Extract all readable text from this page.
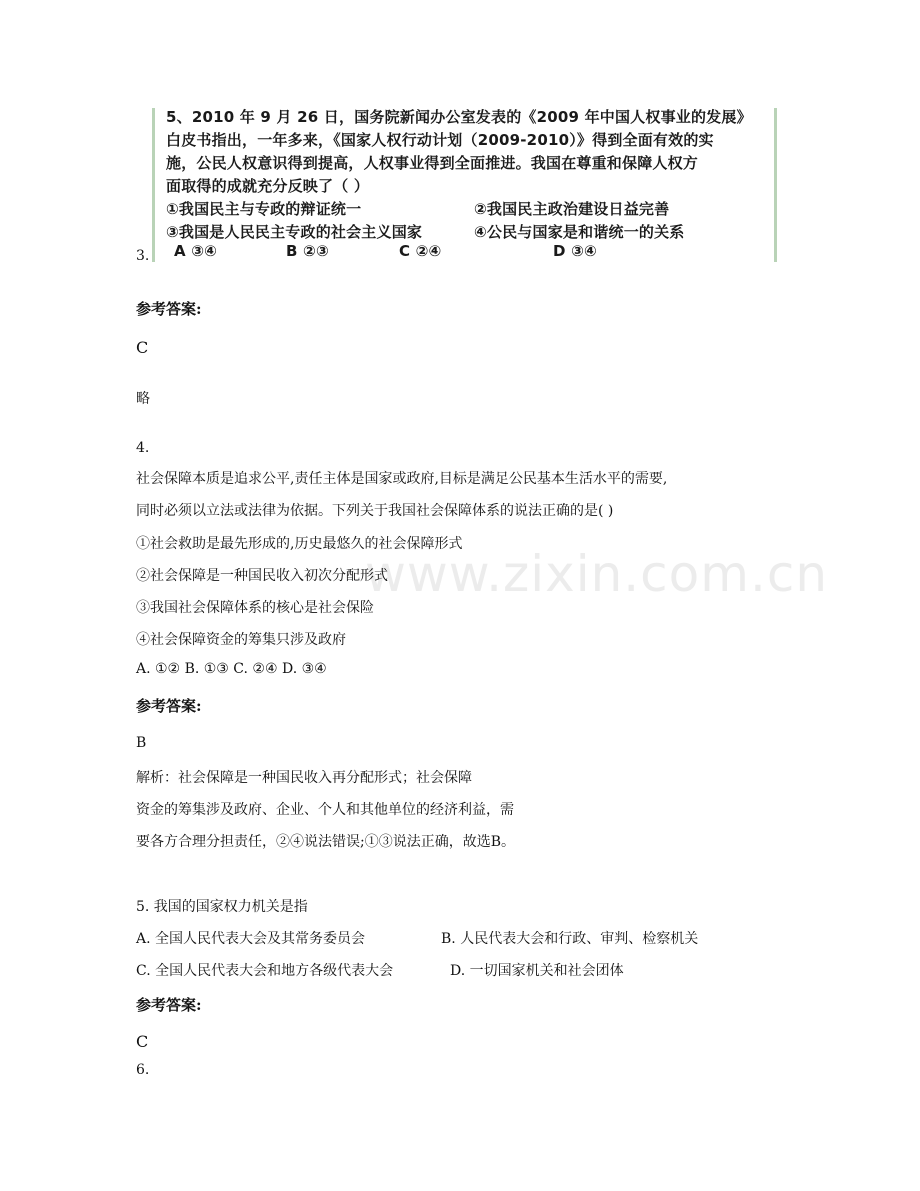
www.zixin.com.cn
3.
5、2010 年 9 月 26 日，国务院新闻办公室发表的《2009 年中国人权事业的发展》
白皮书指出，一年多来，《国家人权行动计划（2009-2010）》得到全面有效的实
施，公民人权意识得到提高，人权事业得到全面推进。我国在尊重和保障人权方
面取得的成就充分反映了（ ）
①我国民主与专政的辩证统一	②我国民主政治建设日益完善
③我国是人民民主专政的社会主义国家	④公民与国家是和谐统一的关系
A ③④	B ②③	C ②④	D ③④
参考答案:
C
略
4.
社会保障本质是追求公平,责任主体是国家或政府,目标是满足公民基本生活水平的需要,
同时必须以立法或法律为依据。下列关于我国社会保障体系的说法正确的是( )
①社会救助是最先形成的,历史最悠久的社会保障形式
②社会保障是一种国民收入初次分配形式
③我国社会保障体系的核心是社会保险
④社会保障资金的筹集只涉及政府
A. ①② B. ①③ C. ②④ D. ③④
参考答案:
B
解析：社会保障是一种国民收入再分配形式；社会保障
资金的筹集涉及政府、企业、个人和其他单位的经济利益，需
要各方合理分担责任，②④说法错误;①③说法正确，故选B。
5. 我国的国家权力机关是指
A. 全国人民代表大会及其常务委员会	B. 人民代表大会和行政、审判、检察机关
C. 全国人民代表大会和地方各级代表大会	D. 一切国家机关和社会团体
参考答案:
C
6.
